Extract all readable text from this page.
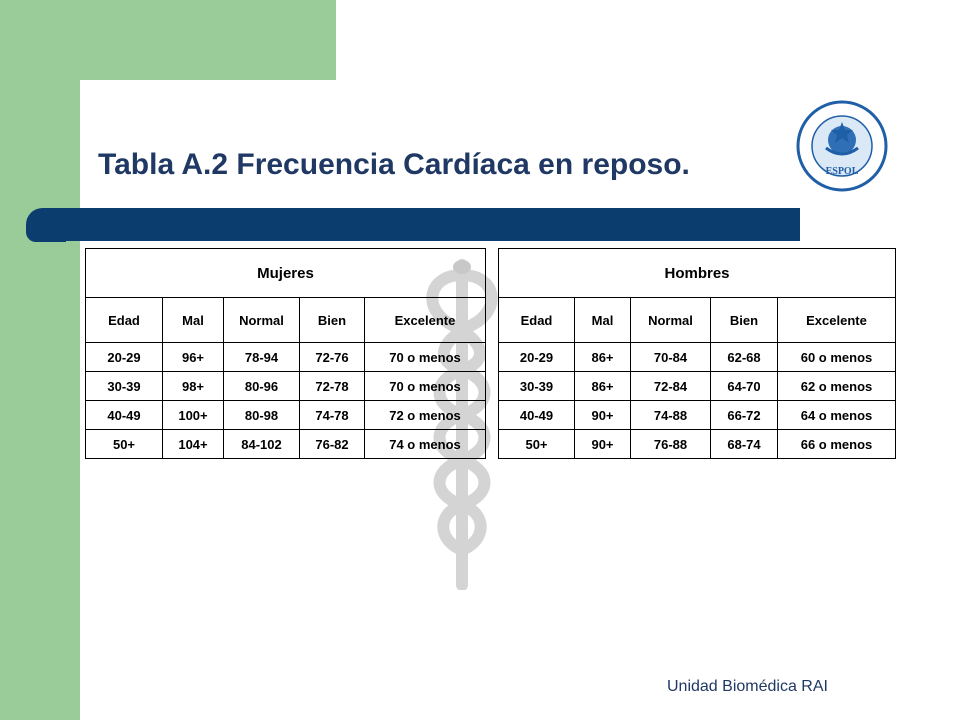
Tabla A.2 Frecuencia Cardíaca en reposo.	ESPOL
Mujeres				
Edad	Mal	Normal	Bien	Excelente
20-29	96+	78-94	72-76	70 o menos
30-39	98+	80-96	72-78	70 o menos
40-49	100+	80-98	74-78	72 o menos
50+	104+	84-102	76-82	74 o menos
Hombres				
Edad	Mal	Normal	Bien	Excelente
20-29	86+	70-84	62-68	60 o menos
30-39	86+	72-84	64-70	62 o menos
40-49	90+	74-88	66-72	64 o menos
50+	90+	76-88	68-74	66 o menos
Unidad Biomédica RAI
